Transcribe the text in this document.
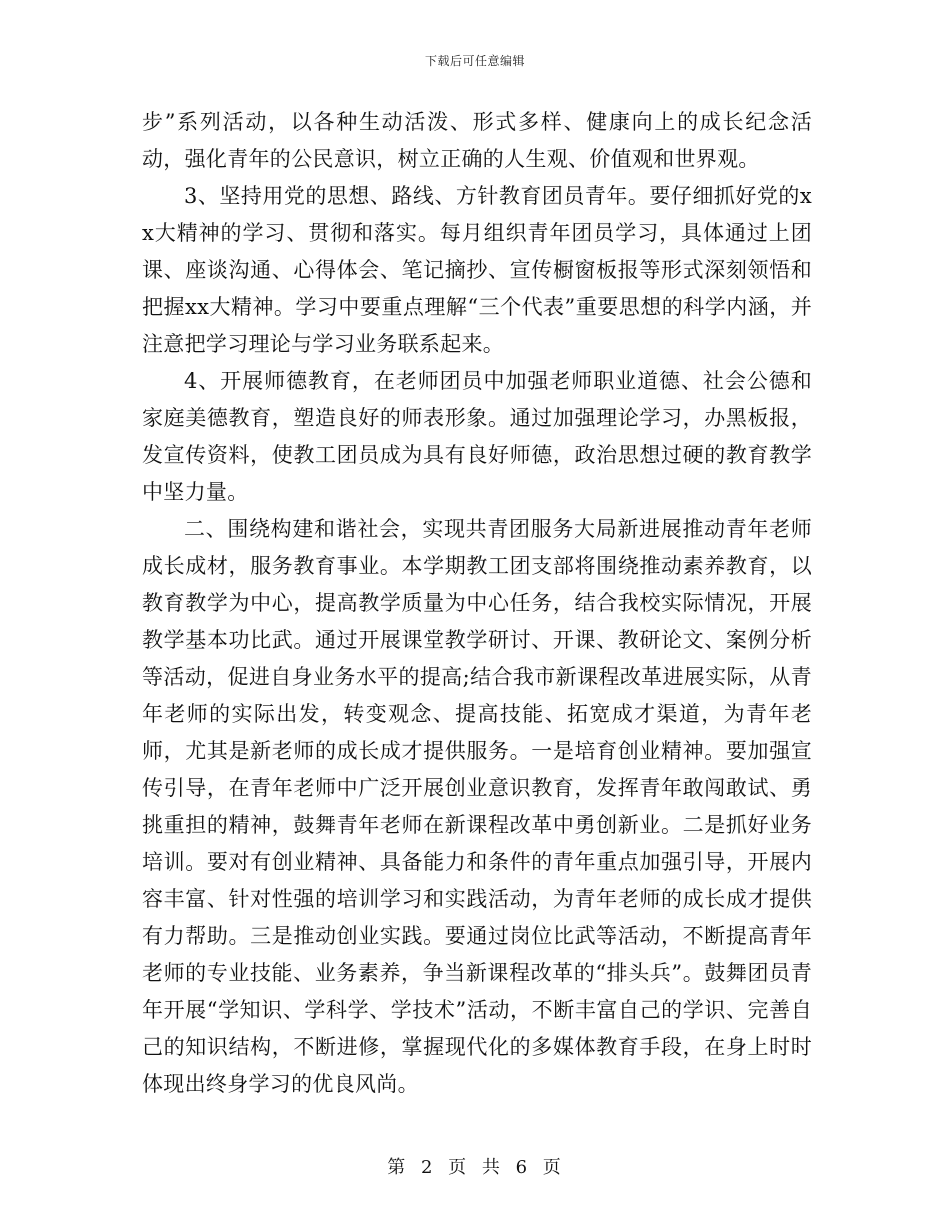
下载后可任意编辑

步”系列活动，以各种生动活泼、形式多样、健康向上的成长纪念活动，强化青年的公民意识，树立正确的人生观、价值观和世界观。

3、坚持用党的思想、路线、方针教育团员青年。要仔细抓好党的xx大精神的学习、贯彻和落实。每月组织青年团员学习，具体通过上团课、座谈沟通、心得体会、笔记摘抄、宣传橱窗板报等形式深刻领悟和把握xx大精神。学习中要重点理解“三个代表”重要思想的科学内涵，并注意把学习理论与学习业务联系起来。

4、开展师德教育，在老师团员中加强老师职业道德、社会公德和家庭美德教育，塑造良好的师表形象。通过加强理论学习，办黑板报，发宣传资料，使教工团员成为具有良好师德，政治思想过硬的教育教学中坚力量。

二、围绕构建和谐社会，实现共青团服务大局新进展推动青年老师成长成材，服务教育事业。本学期教工团支部将围绕推动素养教育，以教育教学为中心，提高教学质量为中心任务，结合我校实际情况，开展教学基本功比武。通过开展课堂教学研讨、开课、教研论文、案例分析等活动，促进自身业务水平的提高;结合我市新课程改革进展实际，从青年老师的实际出发，转变观念、提高技能、拓宽成才渠道，为青年老师，尤其是新老师的成长成才提供服务。一是培育创业精神。要加强宣传引导，在青年老师中广泛开展创业意识教育，发挥青年敢闯敢试、勇挑重担的精神，鼓舞青年老师在新课程改革中勇创新业。二是抓好业务培训。要对有创业精神、具备能力和条件的青年重点加强引导，开展内容丰富、针对性强的培训学习和实践活动，为青年老师的成长成才提供有力帮助。三是推动创业实践。要通过岗位比武等活动，不断提高青年老师的专业技能、业务素养，争当新课程改革的“排头兵”。鼓舞团员青年开展“学知识、学科学、学技术”活动，不断丰富自己的学识、完善自己的知识结构，不断进修，掌握现代化的多媒体教育手段，在身上时时体现出终身学习的优良风尚。

第 2 页 共 6 页
